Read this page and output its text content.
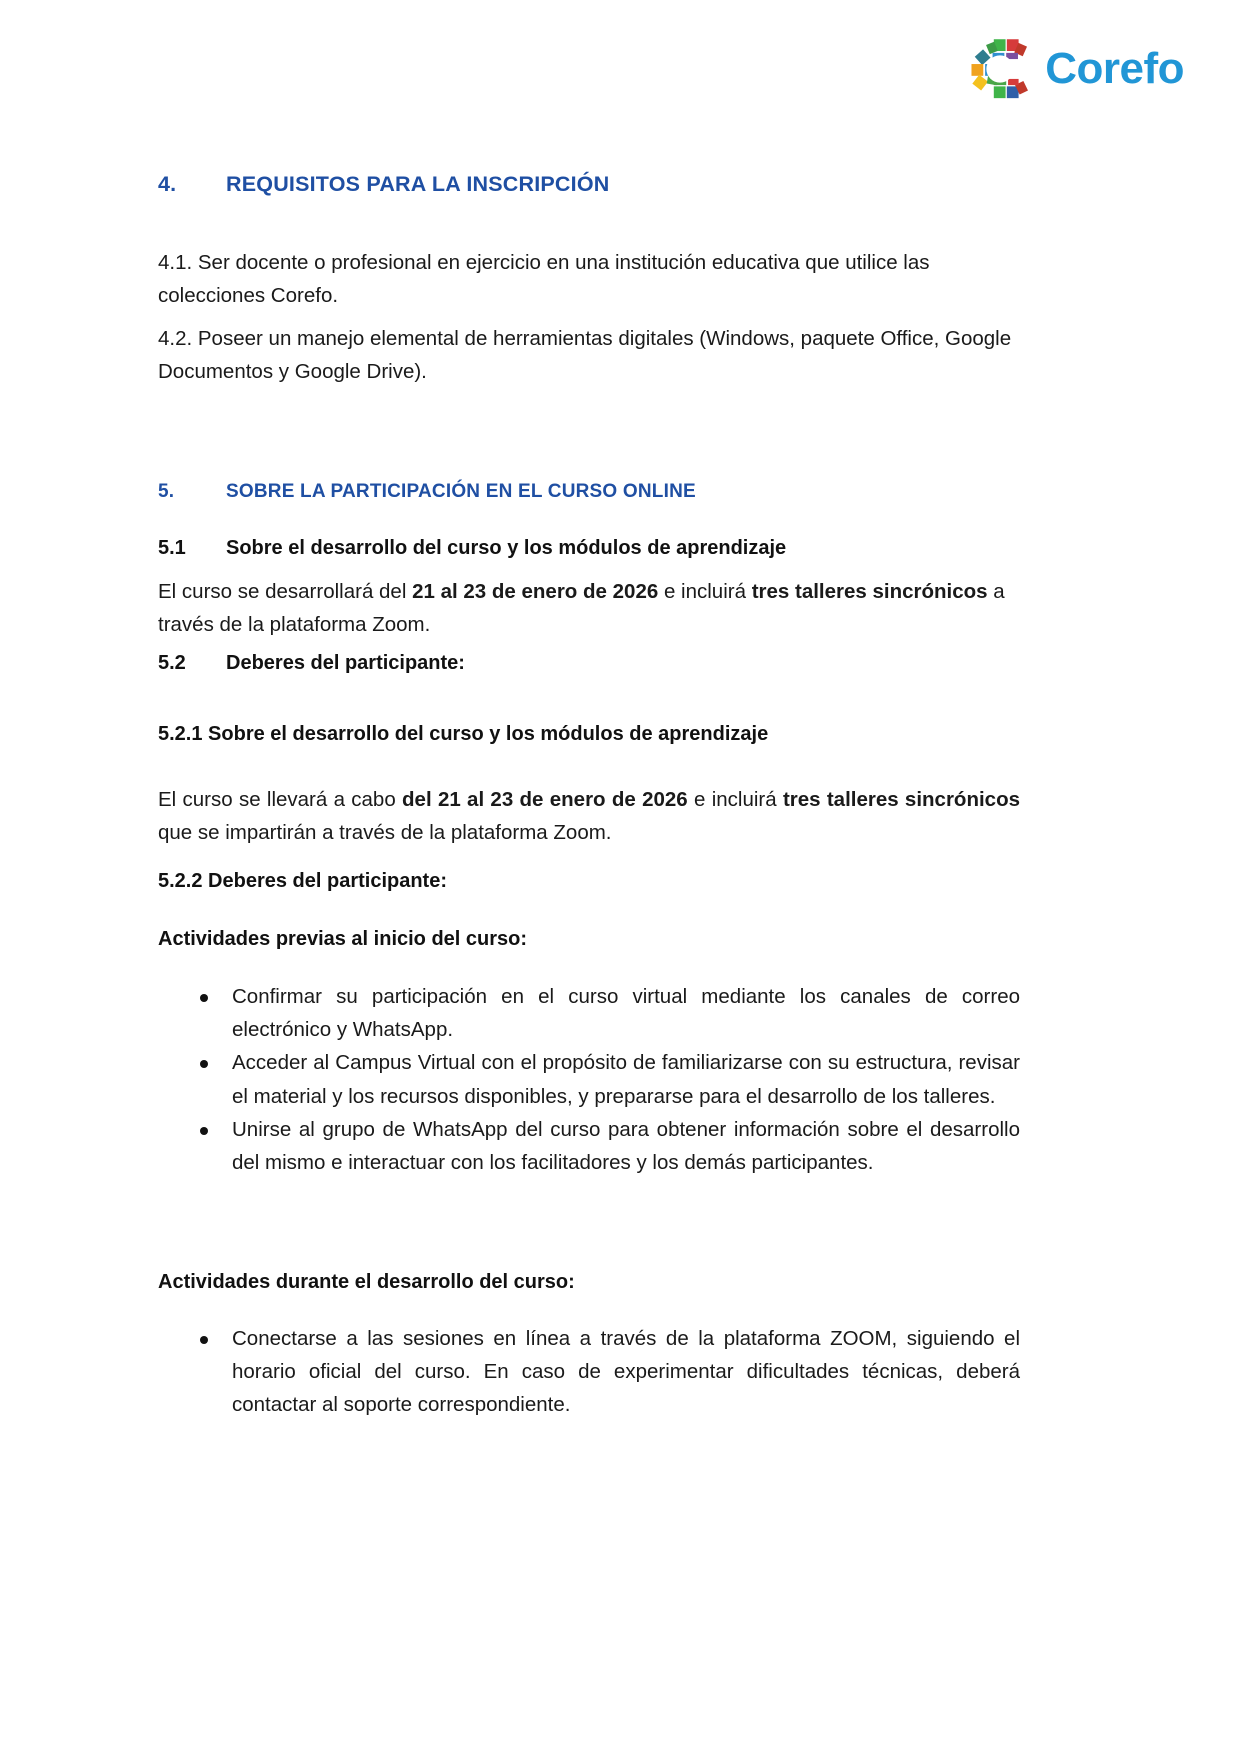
Corefo
4.	REQUISITOS PARA LA INSCRIPCIÓN

4.1. Ser docente o profesional en ejercicio en una institución educativa que utilice las colecciones Corefo.

4.2. Poseer un manejo elemental de herramientas digitales (Windows, paquete Office, Google Documentos y Google Drive).

5.	SOBRE LA PARTICIPACIÓN EN EL CURSO ONLINE
5.1	Sobre el desarrollo del curso y los módulos de aprendizaje

El curso se desarrollará del 21 al 23 de enero de 2026 e incluirá tres talleres sincrónicos a través de la plataforma Zoom.

5.2	Deberes del participante:
5.2.1 Sobre el desarrollo del curso y los módulos de aprendizaje

El curso se llevará a cabo del 21 al 23 de enero de 2026 e incluirá tres talleres sincrónicos que se impartirán a través de la plataforma Zoom.

5.2.2 Deberes del participante:
Actividades previas al inicio del curso:
Confirmar su participación en el curso virtual mediante los canales de correo electrónico y WhatsApp.
Acceder al Campus Virtual con el propósito de familiarizarse con su estructura, revisar el material y los recursos disponibles, y prepararse para el desarrollo de los talleres.
Unirse al grupo de WhatsApp del curso para obtener información sobre el desarrollo del mismo e interactuar con los facilitadores y los demás participantes.
Actividades durante el desarrollo del curso:
Conectarse a las sesiones en línea a través de la plataforma ZOOM, siguiendo el horario oficial del curso. En caso de experimentar dificultades técnicas, deberá contactar al soporte correspondiente.
